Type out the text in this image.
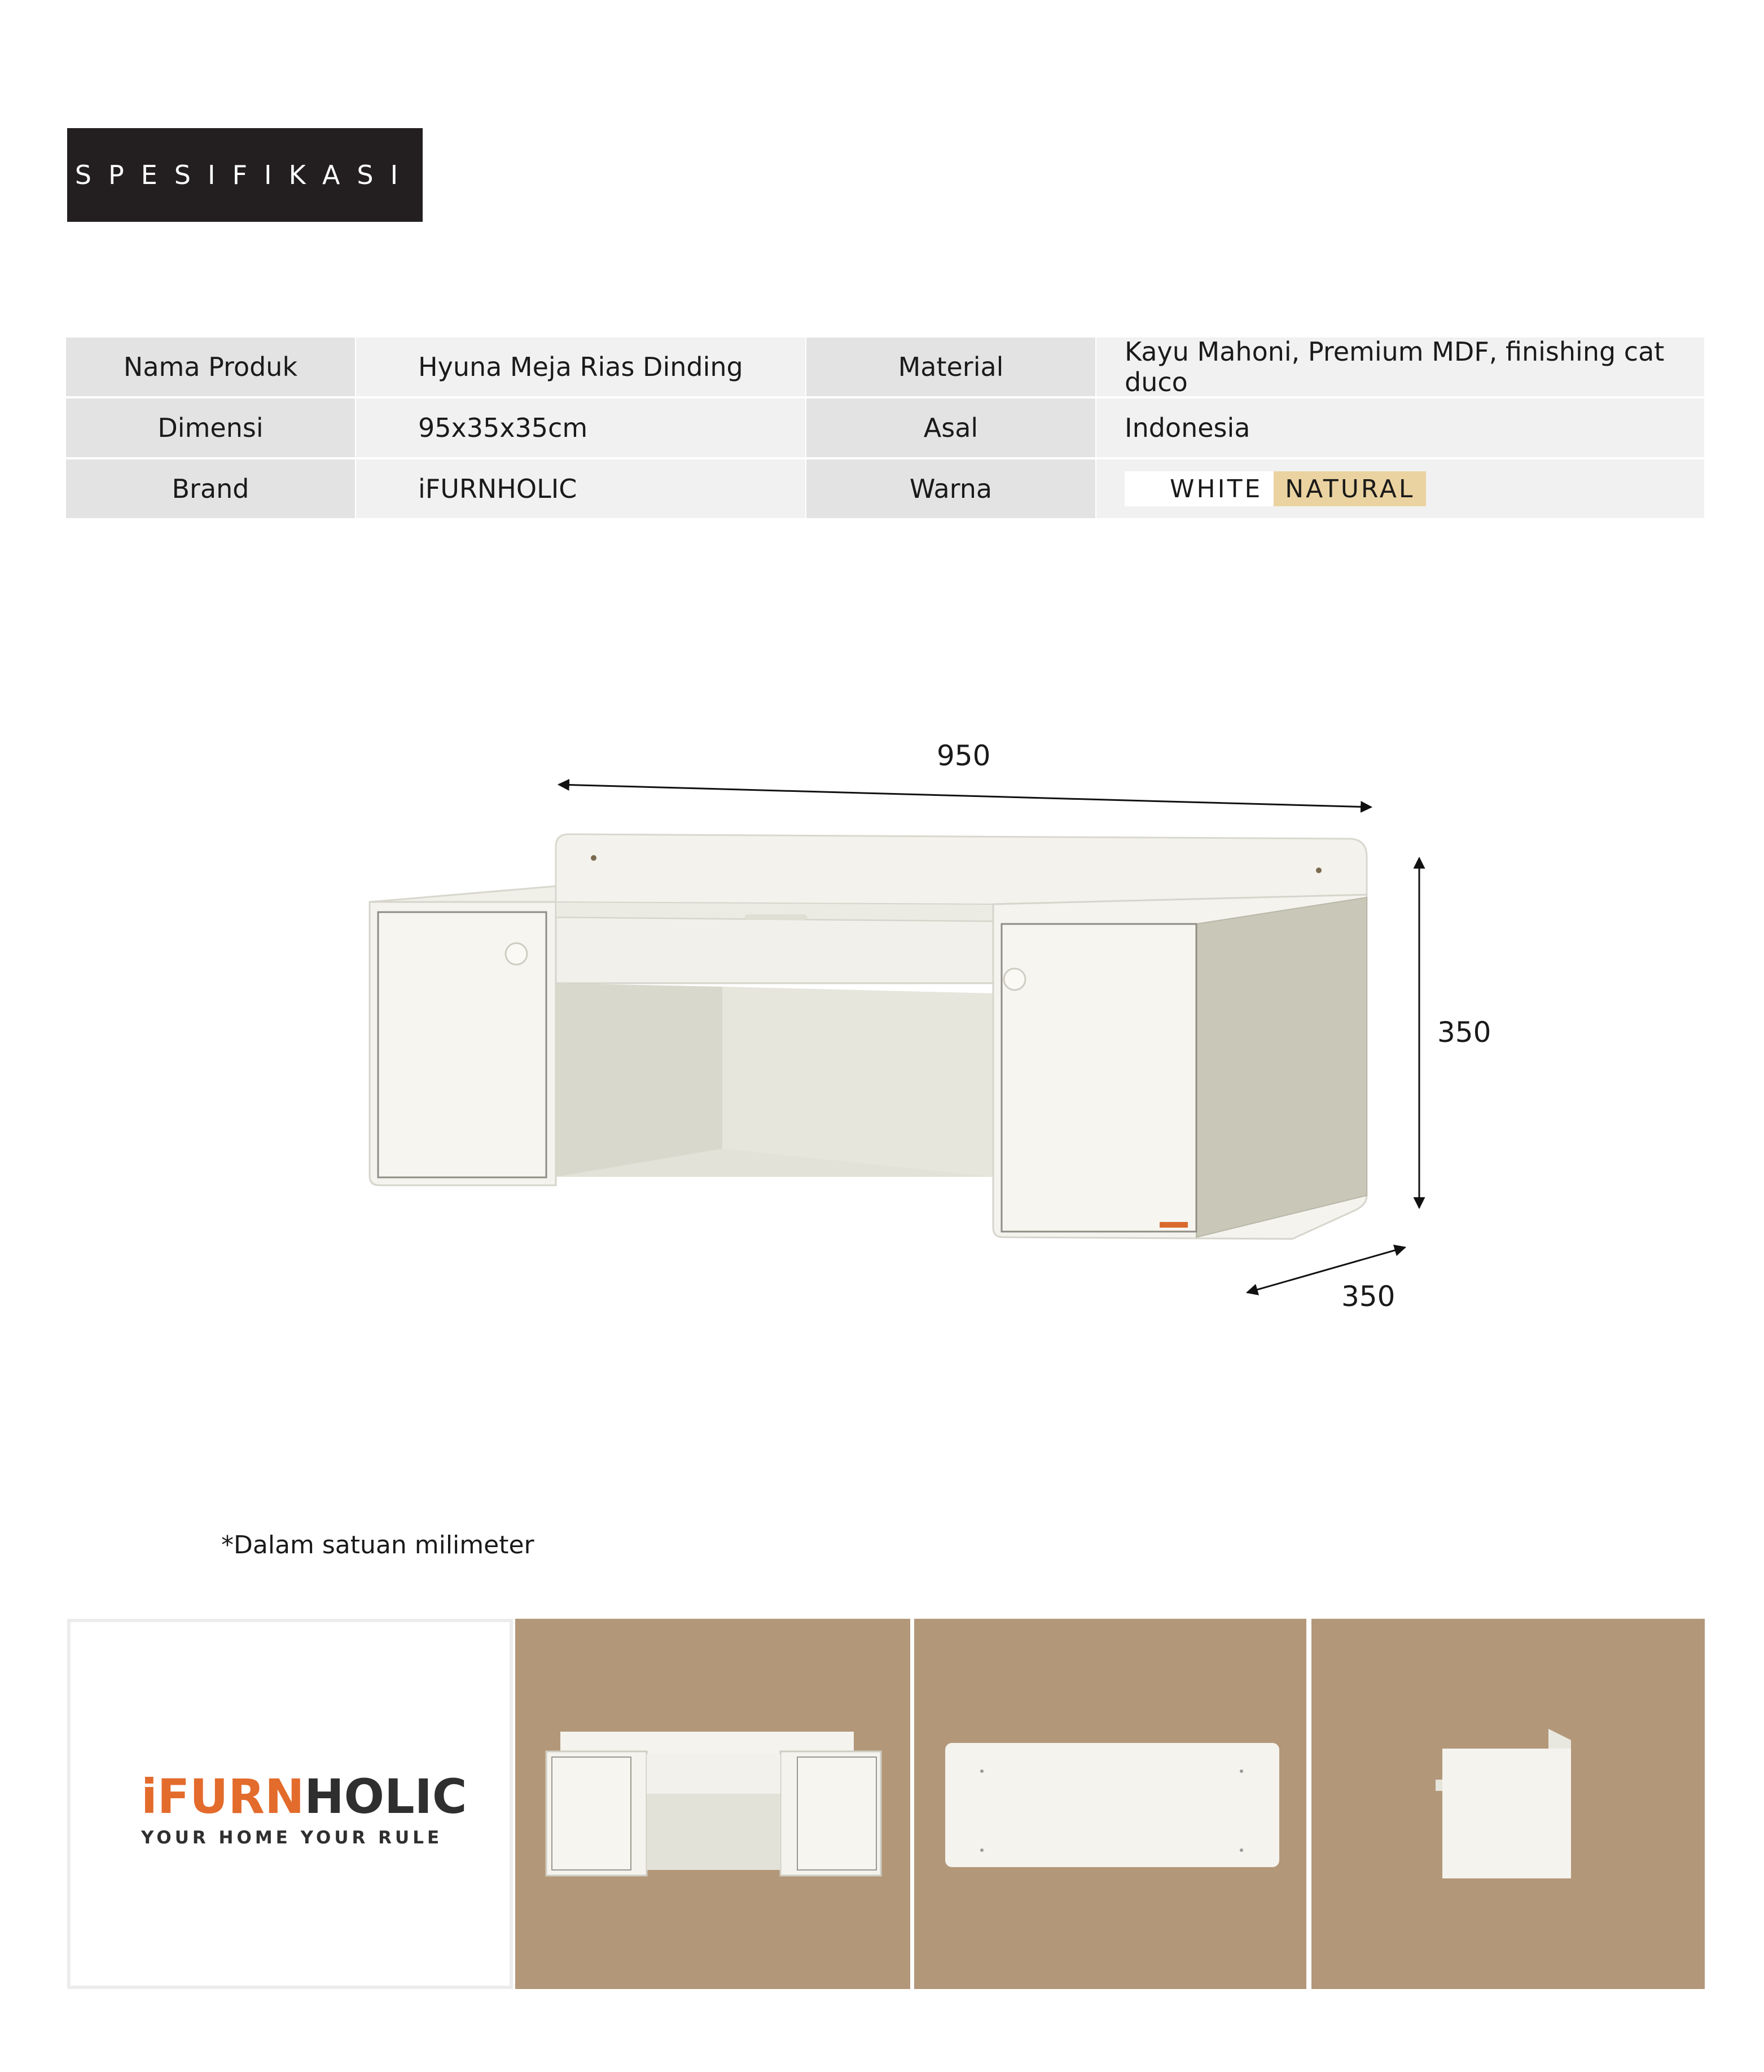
SPESIFIKASI
Nama Produk	Hyuna Meja Rias Dinding	Material	Kayu Mahoni, Premium MDF, finishing cat duco
Dimensi	95x35x35cm	Asal	Indonesia
Brand	iFURNHOLIC	Warna	WHITE NATURAL
950
350
350
*Dalam satuan milimeter
iFURNHOLIC
YOUR HOME YOUR RULE
